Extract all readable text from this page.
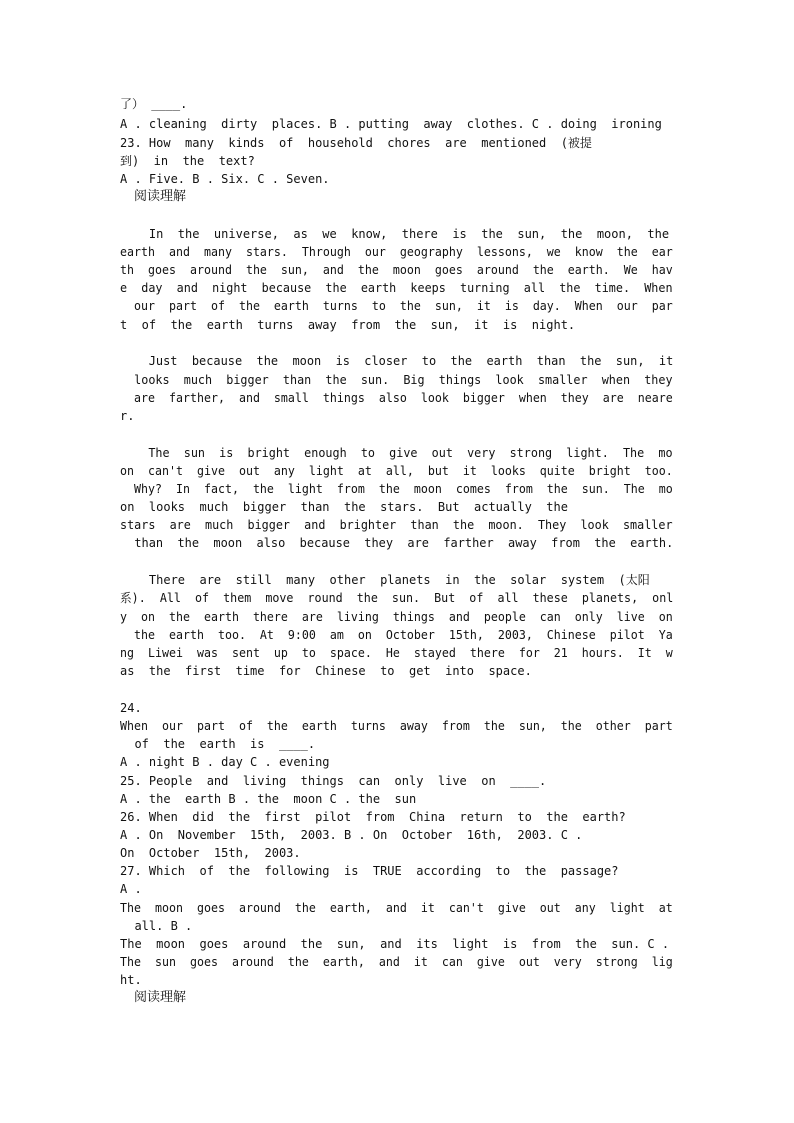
了） ____.
A . cleaning  dirty  places. B . putting  away  clothes. C . doing  ironing
23. How  many  kinds  of  household  chores  are  mentioned  (被提
到)  in  the  text?
A . Five. B . Six. C . Seven.
阅读理解
In  the  universe,  as  we  know,  there  is  the  sun,  the  moon,  the
earth  and  many  stars.  Through  our  geography  lessons,  we  know  the  ear
th  goes  around  the  sun,  and  the  moon  goes  around  the  earth.  We  hav
e  day  and  night  because  the  earth  keeps  turning  all  the  time.  When
our  part  of  the  earth  turns  to  the  sun,  it  is  day.  When  our  par
t  of  the  earth  turns  away  from  the  sun,  it  is  night.
Just  because  the  moon  is  closer  to  the  earth  than  the  sun,  it
looks  much  bigger  than  the  sun.  Big  things  look  smaller  when  they
are  farther,  and  small  things  also  look  bigger  when  they  are  neare
r.
The  sun  is  bright  enough  to  give  out  very  strong  light.  The  mo
on  can't  give  out  any  light  at  all,  but  it  looks  quite  bright  too.
Why?  In  fact,  the  light  from  the  moon  comes  from  the  sun.  The  mo
on  looks  much  bigger  than  the  stars.  But  actually  the
stars  are  much  bigger  and  brighter  than  the  moon.  They  look  smaller
than  the  moon  also  because  they  are  farther  away  from  the  earth.
There  are  still  many  other  planets  in  the  solar  system  (太阳
系).  All  of  them  move  round  the  sun.  But  of  all  these  planets,  onl
y  on  the  earth  there  are  living  things  and  people  can  only  live  on
the  earth  too.  At  9:00  am  on  October  15th,  2003,  Chinese  pilot  Ya
ng  Liwei  was  sent  up  to  space.  He  stayed  there  for  21  hours.  It  w
as  the  first  time  for  Chinese  to  get  into  space.
24.
When  our  part  of  the  earth  turns  away  from  the  sun,  the  other  part
of  the  earth  is  ____.
A . night B . day C . evening
25. People  and  living  things  can  only  live  on  ____.
A . the  earth B . the  moon C . the  sun
26. When  did  the  first  pilot  from  China  return  to  the  earth?
A . On  November  15th,  2003. B . On  October  16th,  2003. C .
On  October  15th,  2003.
27. Which  of  the  following  is  TRUE  according  to  the  passage?
A .
The  moon  goes  around  the  earth,  and  it  can't  give  out  any  light  at
all. B .
The  moon  goes  around  the  sun,  and  its  light  is  from  the  sun. C .
The  sun  goes  around  the  earth,  and  it  can  give  out  very  strong  lig
ht.
阅读理解
